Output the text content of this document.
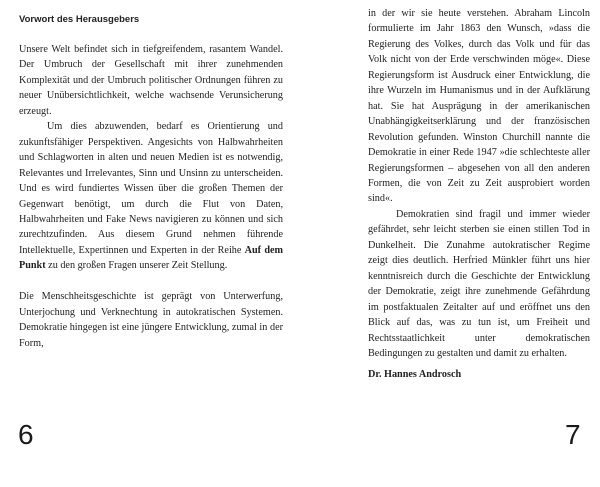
Vorwort des Herausgebers

Unsere Welt befindet sich in tiefgreifendem, rasantem Wandel. Der Umbruch der Gesellschaft mit ihrer zunehmenden Komplexität und der Umbruch politischer Ordnungen führen zu neuer Unübersichtlichkeit, welche wachsende Verunsicherung erzeugt.

Um dies abzuwenden, bedarf es Orientierung und zukunftsfähiger Perspektiven. Angesichts von Halbwahrheiten und Schlagworten in alten und neuen Medien ist es notwendig, Relevantes und Irrelevantes, Sinn und Unsinn zu unterscheiden. Und es wird fundiertes Wissen über die großen Themen der Gegenwart benötigt, um durch die Flut von Daten, Halbwahrheiten und Fake News navigieren zu können und sich zurechtzufinden. Aus diesem Grund nehmen führende Intellektuelle, Expertinnen und Experten in der Reihe Auf dem Punkt zu den großen Fragen unserer Zeit Stellung.

Die Menschheitsgeschichte ist geprägt von Unterwerfung, Unterjochung und Verknechtung in autokratischen Systemen. Demokratie hingegen ist eine jüngere Entwicklung, zumal in der Form,

6

in der wir sie heute verstehen. Abraham Lincoln formulierte im Jahr 1863 den Wunsch, »dass die Regierung des Volkes, durch das Volk und für das Volk nicht von der Erde verschwinden möge«. Diese Regierungsform ist Ausdruck einer Entwicklung, die ihre Wurzeln im Humanismus und in der Aufklärung hat. Sie hat Ausprägung in der amerikanischen Unabhängigkeitserklärung und der französischen Revolution gefunden. Winston Churchill nannte die Demokratie in einer Rede 1947 »die schlechteste aller Regierungsformen – abgesehen von all den anderen Formen, die von Zeit zu Zeit ausprobiert worden sind«.

Demokratien sind fragil und immer wieder gefährdet, sehr leicht sterben sie einen stillen Tod in Dunkelheit. Die Zunahme autokratischer Regime zeigt dies deutlich. Herfried Münkler führt uns hier kenntnisreich durch die Geschichte der Entwicklung der Demokratie, zeigt ihre zunehmende Gefährdung im postfaktualen Zeitalter auf und eröffnet uns den Blick auf das, was zu tun ist, um Freiheit und Rechtsstaatlichkeit unter demokratischen Bedingungen zu gestalten und damit zu erhalten.

Dr. Hannes Androsch

7
